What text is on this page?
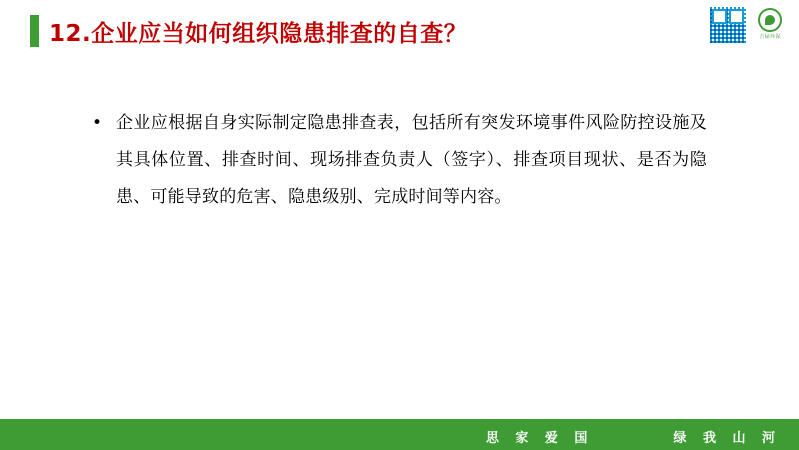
12.企业应当如何组织隐患排查的自查？	吉绿环保
• 企业应根据自身实际制定隐患排查表，包括所有突发环境事件风险防控设施及其具体位置、排查时间、现场排查负责人（签字）、排查项目现状、是否为隐患、可能导致的危害、隐患级别、完成时间等内容。
思 家 爱 国	绿 我 山 河
